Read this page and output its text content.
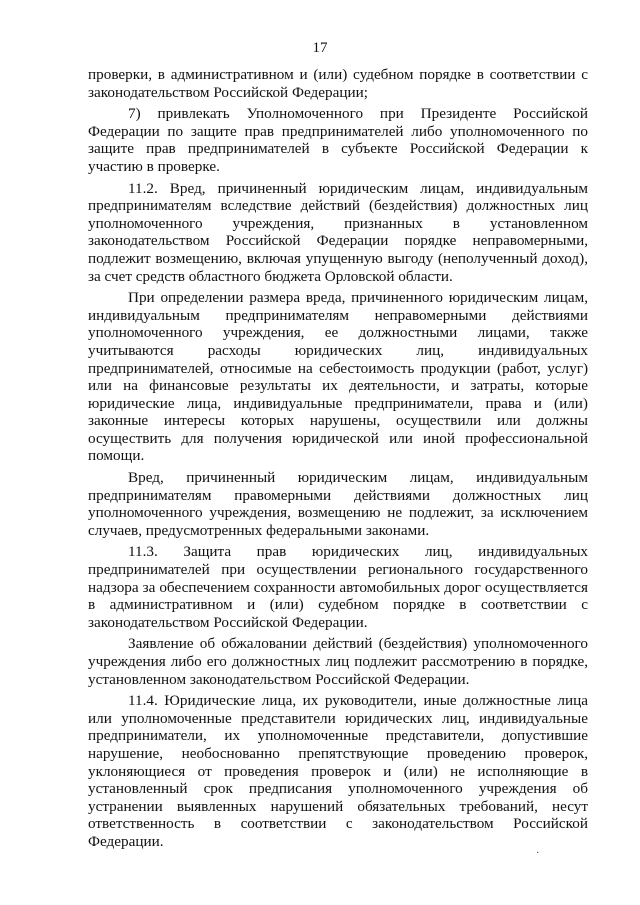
17

проверки, в административном и (или) судебном порядке в соответствии с законодательством Российской Федерации;

7) привлекать Уполномоченного при Президенте Российской Федерации по защите прав предпринимателей либо уполномоченного по защите прав предпринимателей в субъекте Российской Федерации к участию в проверке.

11.2. Вред, причиненный юридическим лицам, индивидуальным предпринимателям вследствие действий (бездействия) должностных лиц уполномоченного учреждения, признанных в установленном законодательством Российской Федерации порядке неправомерными, подлежит возмещению, включая упущенную выгоду (неполученный доход), за счет средств областного бюджета Орловской области.

При определении размера вреда, причиненного юридическим лицам, индивидуальным предпринимателям неправомерными действиями уполномоченного учреждения, ее должностными лицами, также учитываются расходы юридических лиц, индивидуальных предпринимателей, относимые на себестоимость продукции (работ, услуг) или на финансовые результаты их деятельности, и затраты, которые юридические лица, индивидуальные предприниматели, права и (или) законные интересы которых нарушены, осуществили или должны осуществить для получения юридической или иной профессиональной помощи.

Вред, причиненный юридическим лицам, индивидуальным предпринимателям правомерными действиями должностных лиц уполномоченного учреждения, возмещению не подлежит, за исключением случаев, предусмотренных федеральными законами.

11.3. Защита прав юридических лиц, индивидуальных предпринимателей при осуществлении регионального государственного надзора за обеспечением сохранности автомобильных дорог осуществляется в административном и (или) судебном порядке в соответствии с законодательством Российской Федерации.

Заявление об обжаловании действий (бездействия) уполномоченного учреждения либо его должностных лиц подлежит рассмотрению в порядке, установленном законодательством Российской Федерации.

11.4. Юридические лица, их руководители, иные должностные лица или уполномоченные представители юридических лиц, индивидуальные предприниматели, их уполномоченные представители, допустившие нарушение, необоснованно препятствующие проведению проверок, уклоняющиеся от проведения проверок и (или) не исполняющие в установленный срок предписания уполномоченного учреждения об устранении выявленных нарушений обязательных требований, несут ответственность в соответствии с законодательством Российской Федерации.

·
